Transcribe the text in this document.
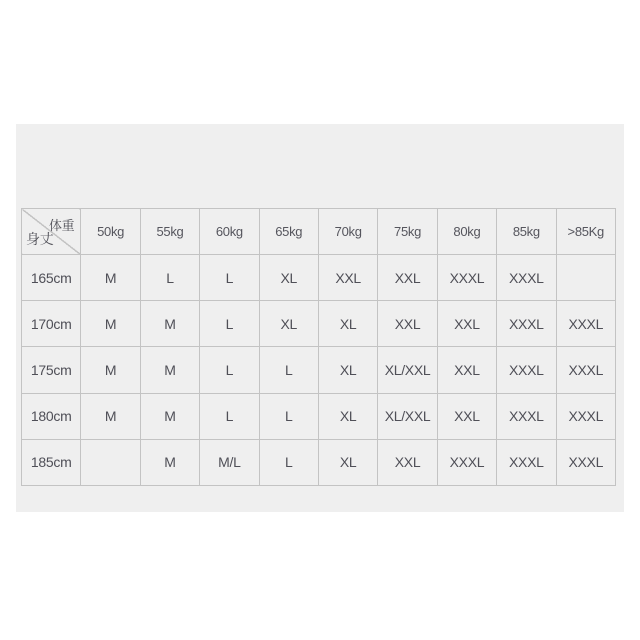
体重
身丈	50kg	55kg	60kg	65kg	70kg	75kg	80kg	85kg	>85Kg
165cm	M	L	L	XL	XXL	XXL	XXXL	XXXL	
170cm	M	M	L	XL	XL	XXL	XXL	XXXL	XXXL
175cm	M	M	L	L	XL	XL/XXL	XXL	XXXL	XXXL
180cm	M	M	L	L	XL	XL/XXL	XXL	XXXL	XXXL
185cm		M	M/L	L	XL	XXL	XXXL	XXXL	XXXL
